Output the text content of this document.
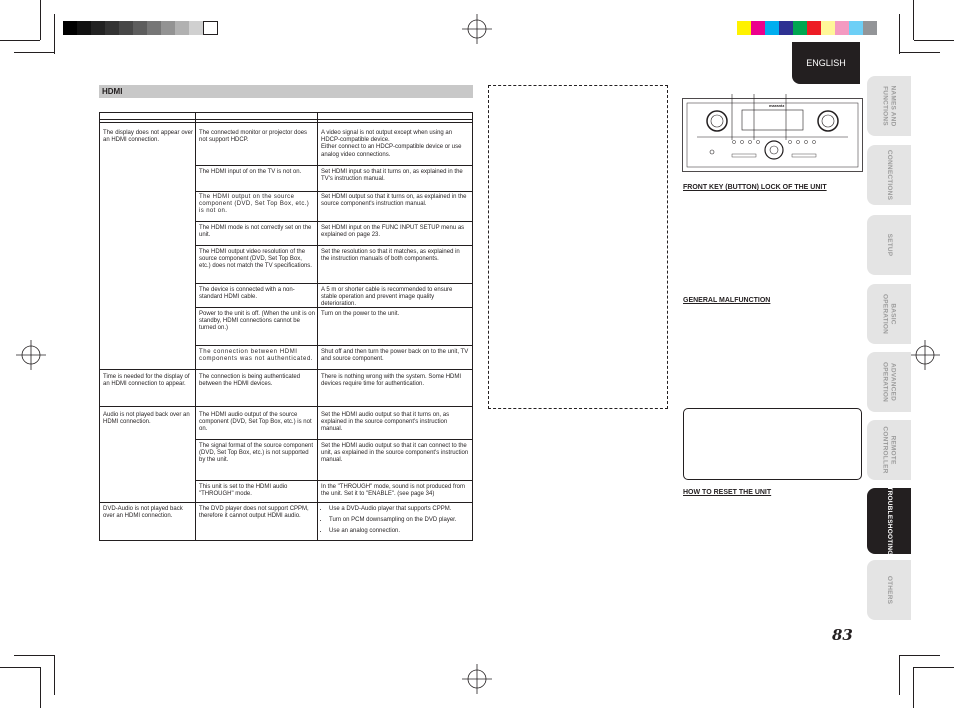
ENGLISH
NAMES AND
FUNCTIONS
CONNECTIONS
SETUP
BASIC
OPERATION
ADVANCED
OPERATION
REMOTE
CONTROLLER
TROUBLESHOOTING
OTHERS
HDMI
The display does not appear over an HDMI connection.
Time is needed for the display of an HDMI connection to appear.
Audio is not played back over an HDMI connection.
DVD-Audio is not played back over an HDMI connection.
The connected monitor or projector does not support HDCP.
The HDMI input of on the TV is not on.
The HDMI output on the source component (DVD, Set Top Box, etc.) is not on.
The HDMI mode is not correctly set on the unit.
The HDMI output video resolution of the source component (DVD, Set Top Box, etc.) does not match the TV specifications.
The device is connected with a non-standard HDMI cable.
Power to the unit is off. (When the unit is on standby, HDMI connections cannot be turned on.)
The connection between HDMI components was not authenticated.
The connection is being authenticated between the HDMI devices.
The HDMI audio output of the source component (DVD, Set Top Box, etc.) is not on.
The signal format of the source component (DVD, Set Top Box, etc.) is not supported by the unit.
This unit is set to the HDMI audio "THROUGH" mode.
The DVD player does not support CPPM, therefore it cannot output HDMI audio.
A video signal is not output except when using an HDCP-compatible device.
Either connect to an HDCP-compatible device or use analog video connections.
Set HDMI input so that it turns on, as explained in the TV's instruction manual.
Set HDMI output so that it turns on, as explained in the source component's instruction manual.
Set HDMI input on the FUNC INPUT SETUP menu as explained on page 23.
Set the resolution so that it matches, as explained in the instruction manuals of both components.
A 5 m or shorter cable is recommended to ensure stable operation and prevent image quality deterioration.
Turn on the power to the unit.
Shut off and then turn the power back on to the unit, TV and source component.
There is nothing wrong with the system. Some HDMI devices require time for authentication.
Set the HDMI audio output so that it turns on, as explained in the source component's instruction manual.
Set the HDMI audio output so that it can connect to the unit, as explained in the source component's instruction manual.
In the "THROUGH" mode, sound is not produced from the unit. Set it to "ENABLE". (see page 34)
• Use a DVD-Audio player that supports CPPM.
• Turn on PCM downsampling on the DVD player.
• Use an analog connection.
marantz
FRONT KEY (BUTTON) LOCK OF THE UNIT
GENERAL MALFUNCTION
HOW TO RESET THE UNIT
83
